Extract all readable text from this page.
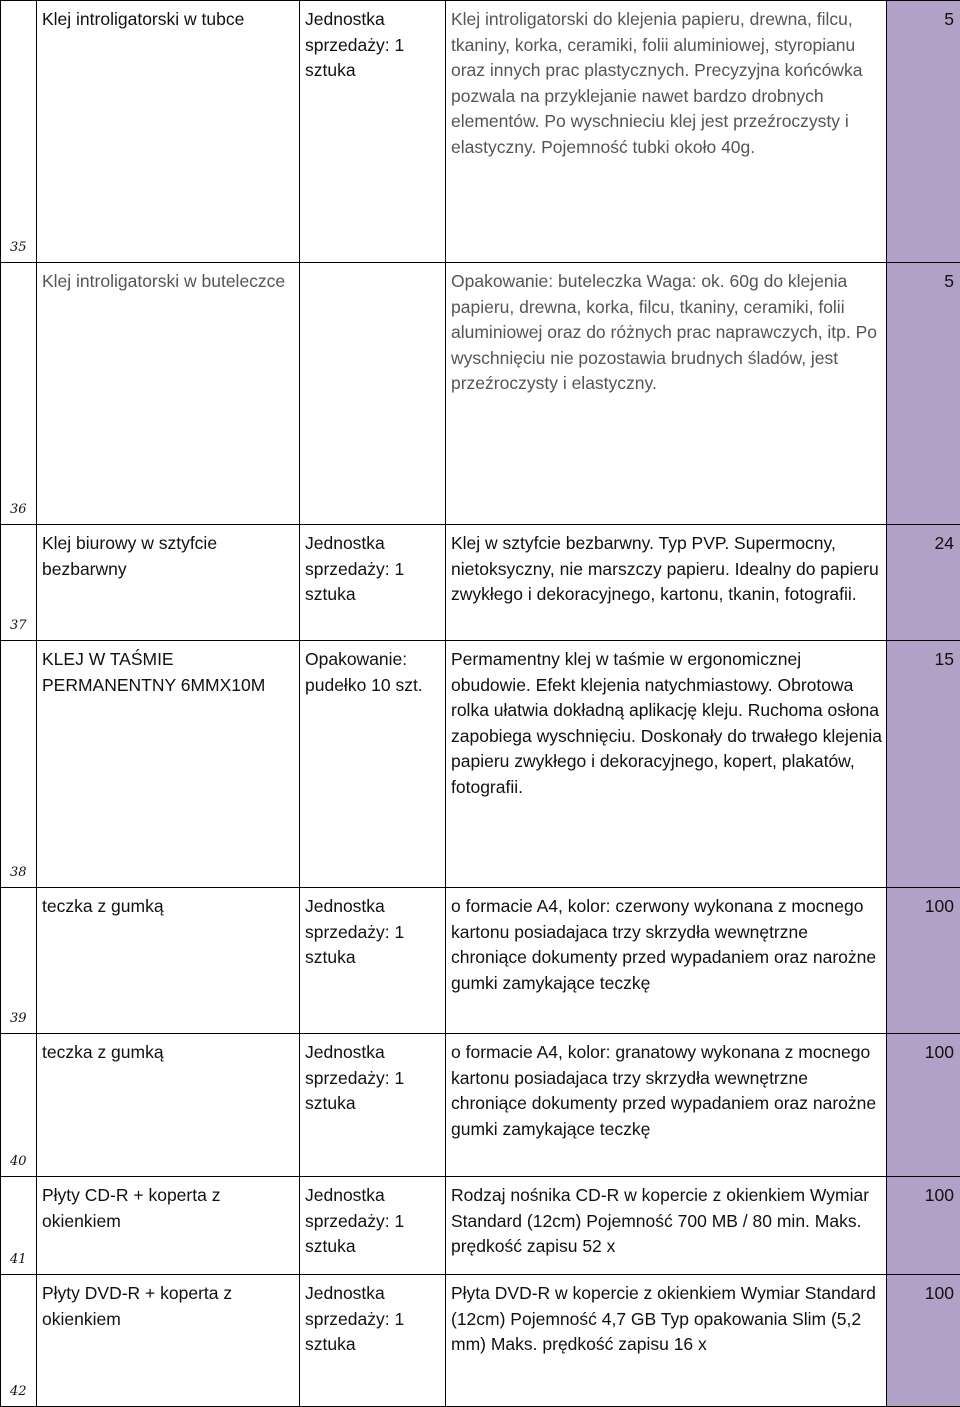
35	Klej introligatorski w tubce	Jednostka sprzedaży: 1 sztuka	Klej introligatorski do klejenia papieru, drewna, filcu, tkaniny, korka, ceramiki, folii aluminiowej, styropianu oraz innych prac plastycznych. Precyzyjna końcówka pozwala na przyklejanie nawet bardzo drobnych elementów. Po wyschnieciu klej jest przeźroczysty i elastyczny. Pojemność tubki około 40g.	5

36	Klej introligatorski w buteleczce		Opakowanie: buteleczka Waga: ok. 60g do klejenia papieru, drewna, korka, filcu, tkaniny, ceramiki, folii aluminiowej oraz do różnych prac naprawczych, itp. Po wyschnięciu nie pozostawia brudnych śladów, jest przeźroczysty i elastyczny.	5

37	Klej biurowy w sztyfcie bezbarwny	Jednostka sprzedaży: 1 sztuka	Klej w sztyfcie bezbarwny. Typ PVP. Supermocny, nietoksyczny, nie marszczy papieru. Idealny do papieru zwykłego i dekoracyjnego, kartonu, tkanin, fotografii.	24

38	KLEJ W TAŚMIE PERMANENTNY 6MMX10M	Opakowanie: pudełko 10 szt.	Permamentny klej w taśmie w ergonomicznej obudowie. Efekt klejenia natychmiastowy. Obrotowa rolka ułatwia dokładną aplikację kleju. Ruchoma osłona zapobiega wyschnięciu. Doskonały do trwałego klejenia papieru zwykłego i dekoracyjnego, kopert, plakatów, fotografii.	15

39	teczka z gumką	Jednostka sprzedaży: 1 sztuka	o formacie A4, kolor: czerwony wykonana z mocnego kartonu posiadajaca trzy skrzydła wewnętrzne chroniące dokumenty przed wypadaniem oraz narożne gumki zamykające teczkę	100

40	teczka z gumką	Jednostka sprzedaży: 1 sztuka	o formacie A4, kolor: granatowy wykonana z mocnego kartonu posiadajaca trzy skrzydła wewnętrzne chroniące dokumenty przed wypadaniem oraz narożne gumki zamykające teczkę	100

41	Płyty CD-R + koperta z okienkiem	Jednostka sprzedaży: 1 sztuka	Rodzaj nośnika CD-R w kopercie z okienkiem Wymiar Standard (12cm) Pojemność 700 MB / 80 min. Maks. prędkość zapisu 52 x	100

42	Płyty DVD-R + koperta z okienkiem	Jednostka sprzedaży: 1 sztuka	Płyta DVD-R w kopercie z okienkiem Wymiar Standard (12cm) Pojemność 4,7 GB Typ opakowania Slim (5,2 mm) Maks. prędkość zapisu 16 x	100
